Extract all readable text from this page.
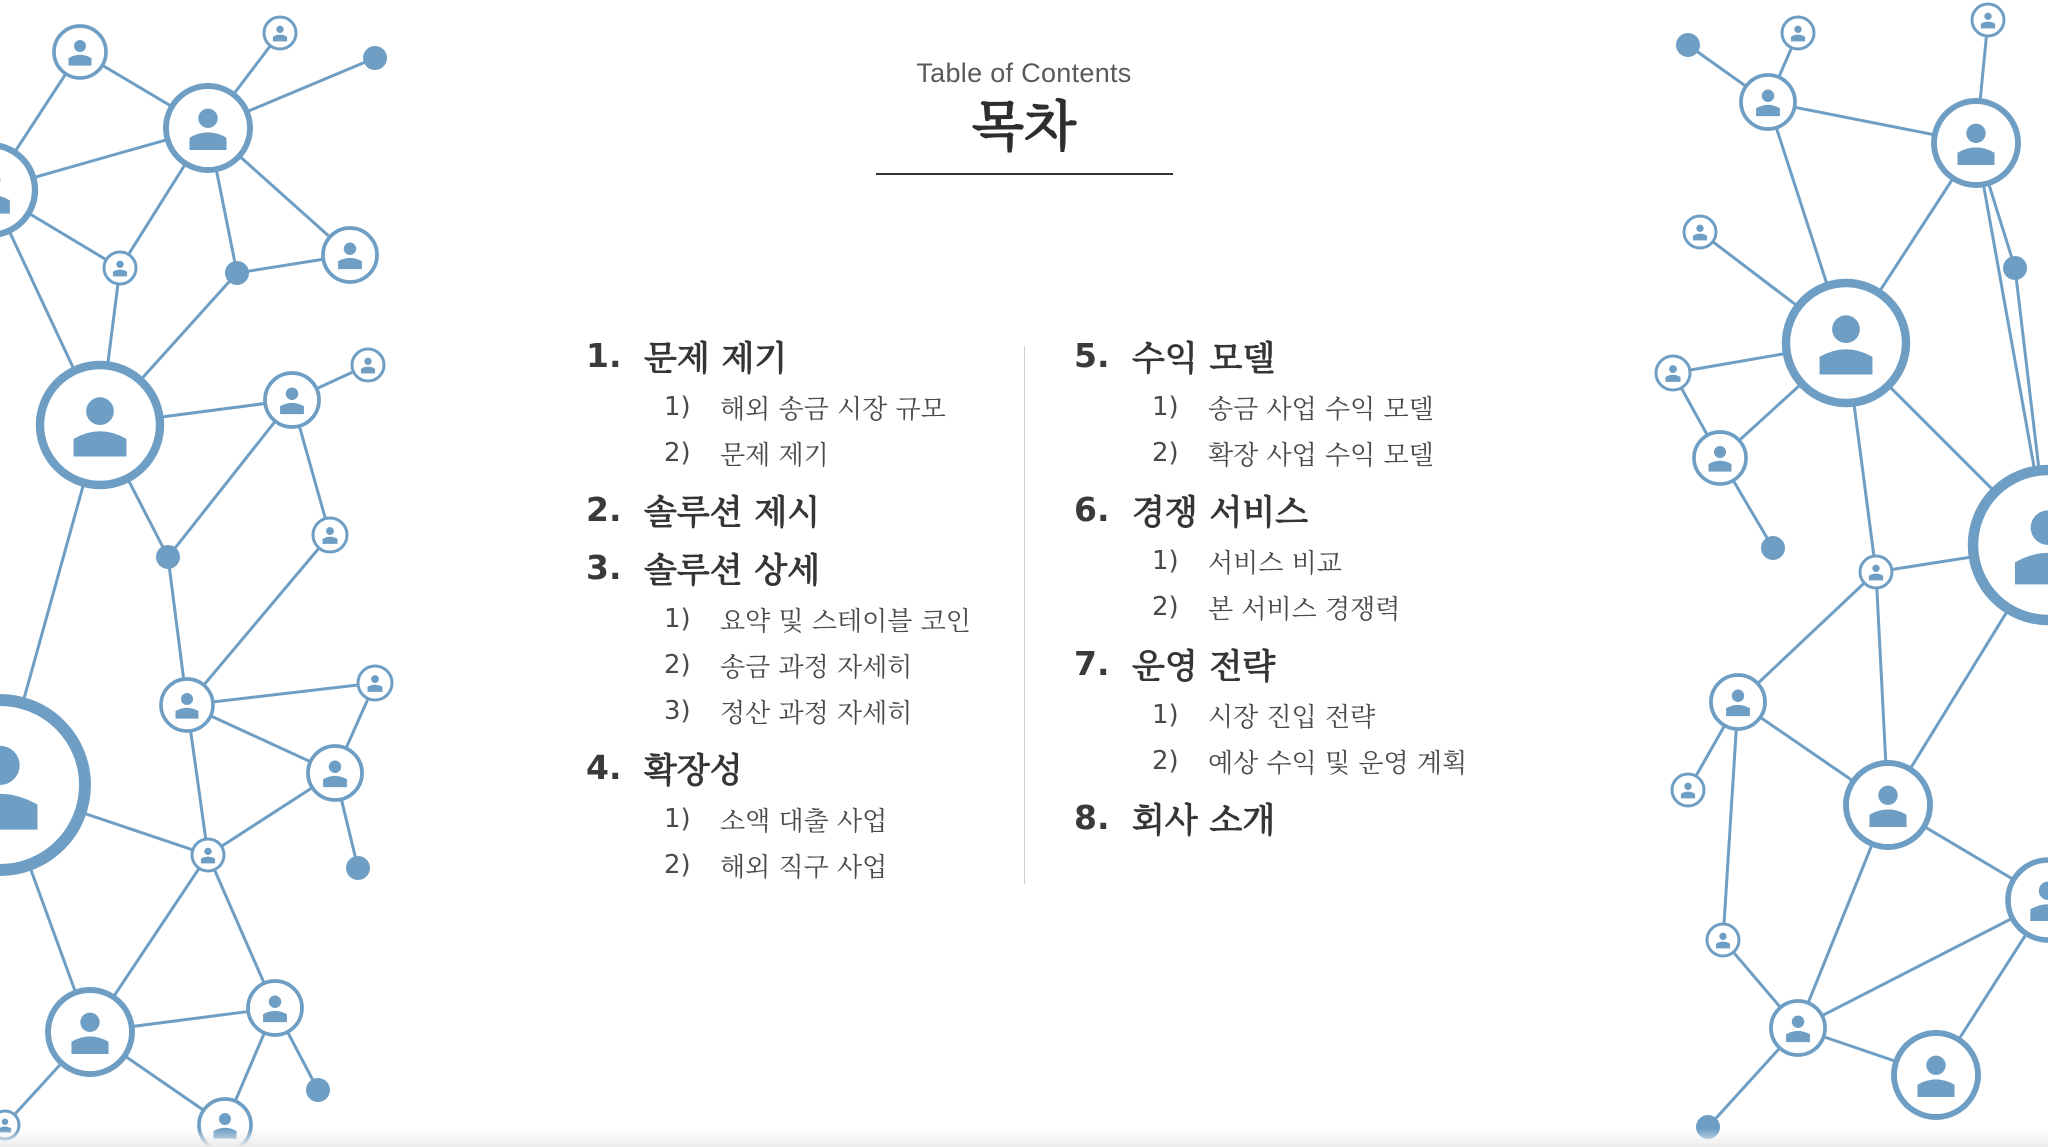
Table of Contents
목차
1. 문제 제기
1)	해외 송금 시장 규모
2)	문제 제기
2. 솔루션 제시
3. 솔루션 상세
1)	요약 및 스테이블 코인
2)	송금 과정 자세히
3)	정산 과정 자세히
4. 확장성
1)	소액 대출 사업
2)	해외 직구 사업
5. 수익 모델
1)	송금 사업 수익 모델
2)	확장 사업 수익 모델
6. 경쟁 서비스
1)	서비스 비교
2)	본 서비스 경쟁력
7. 운영 전략
1)	시장 진입 전략
2)	예상 수익 및 운영 계획
8. 회사 소개
